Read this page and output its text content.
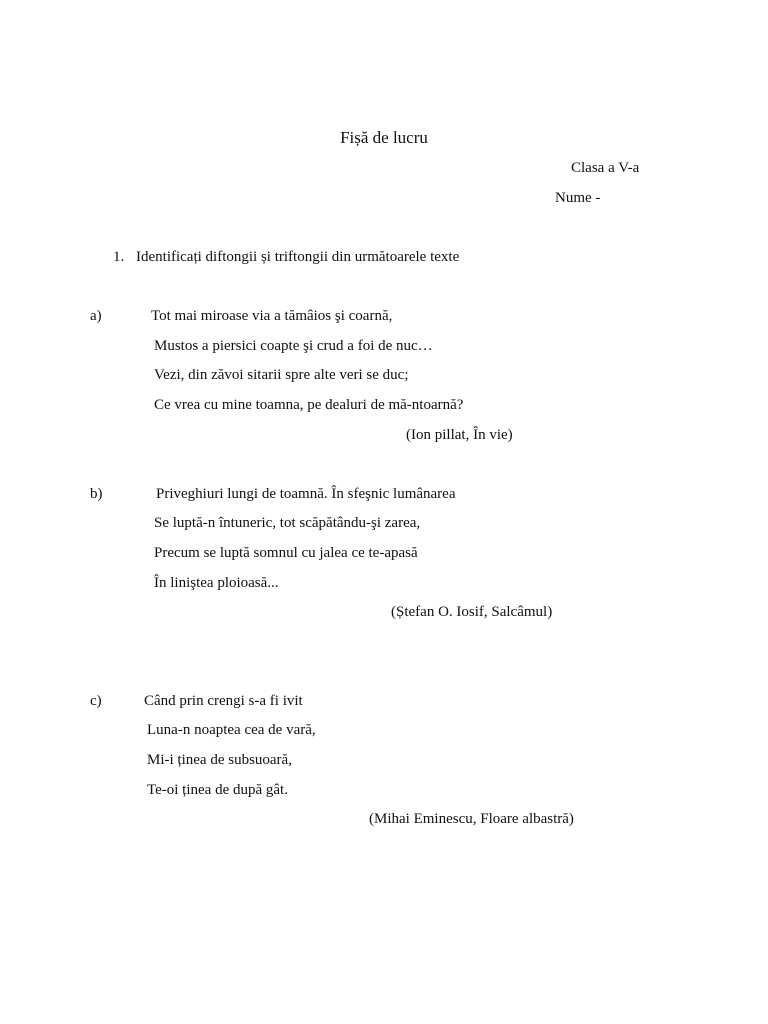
Fișă de lucru
Clasa a V-a
Nume -
1. Identificați diftongii și triftongii din următoarele texte
a)	Tot mai miroase via a tămâios şi coarnă,
Mustos a piersici coapte şi crud a foi de nuc…
Vezi, din zăvoi sitarii spre alte veri se duc;
Ce vrea cu mine toamna, pe dealuri de mă-ntoarnă?
(Ion pillat, În vie)
b)	Priveghiuri lungi de toamnă. În sfeşnic lumânarea
Se luptă-n întuneric, tot scăpătându-şi zarea,
Precum se luptă somnul cu jalea ce te-apasă
În liniştea ploioasă...
(Ștefan O. Iosif, Salcâmul)
c)	Când prin crengi s-a fi ivit
Luna-n noaptea cea de vară,
Mi-i ținea de subsuoară,
Te-oi ținea de după gât.
(Mihai Eminescu, Floare albastră)
